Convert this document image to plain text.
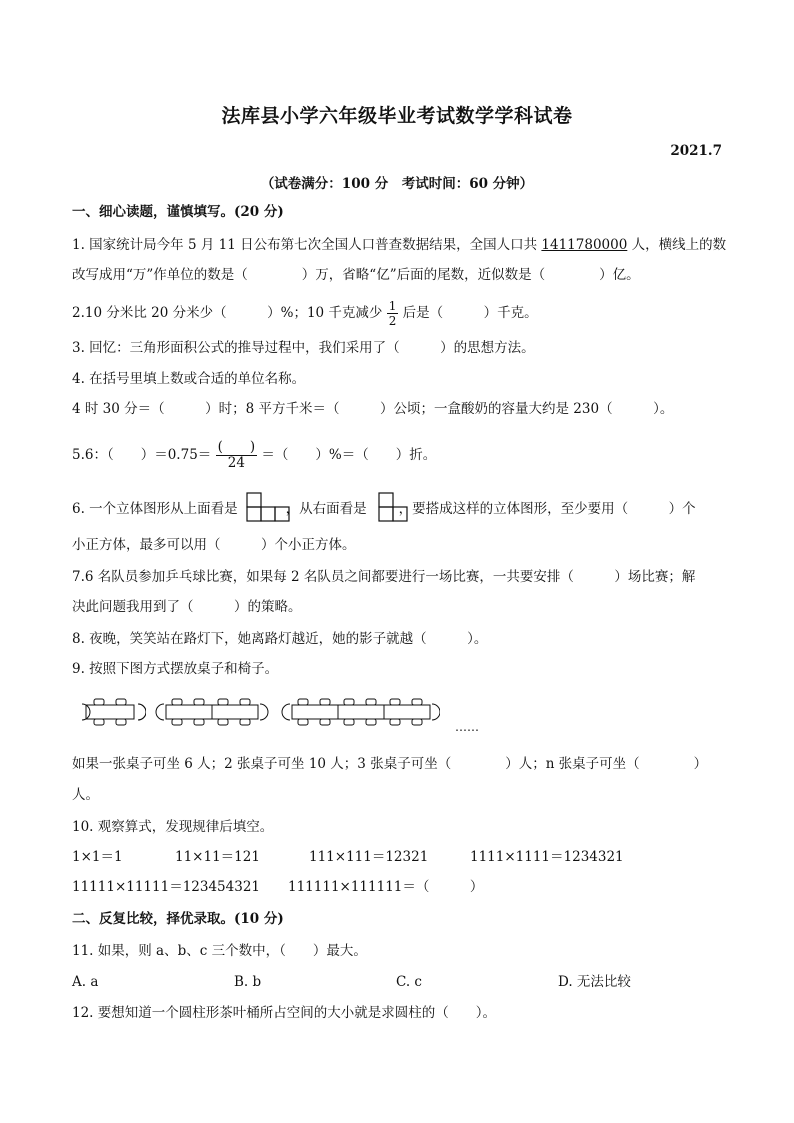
法库县小学六年级毕业考试数学学科试卷
2021.7
（试卷满分：100 分　考试时间：60 分钟）
一、细心读题，谨慎填写。(20 分)
1. 国家统计局今年 5 月 11 日公布第七次全国人口普查数据结果，全国人口共 1411780000 人，横线上的数
改写成用“万”作单位的数是（　　　　）万，省略“亿”后面的尾数，近似数是（　　　　）亿。
2.10 分米比 20 分米少（　　　）%；10 千克减少 $\frac{1}{2}$ 后是（　　　）千克。
3. 回忆：三角形面积公式的推导过程中，我们采用了（　　　）的思想方法。
4. 在括号里填上数或合适的单位名称。
4 时 30 分＝（　　　）时；8 平方千米＝（　　　）公顷；一盒酸奶的容量大约是 230（　　　）。
5.6：（　　）$=0.75= \frac{( )}{24}$ ＝（　　）%＝（　　）折。
6. 一个立体图形从上面看是	，从右面看是 ，要搭成这样的立体图形，至少要用（　　　）个
小正方体，最多可以用（　　　）个小正方体。
7.6 名队员参加乒乓球比赛，如果每 2 名队员之间都要进行一场比赛，一共要安排（　　　）场比赛；解
决此问题我用到了（　　　）的策略。
8. 夜晚，笑笑站在路灯下，她离路灯越近，她的影子就越（　　　）。
9. 按照下图方式摆放桌子和椅子。
……
如果一张桌子可坐 6 人；2 张桌子可坐 10 人；3 张桌子可坐（　　　　）人；n 张桌子可坐（　　　　）
人。
10. 观察算式，发现规律后填空。
1×1＝1	11×11＝121	111×111＝12321	1111×1111＝1234321
11111×11111＝123454321 111111×111111＝（　　　）
二、反复比较，择优录取。(10 分)
11. 如果，则 a、b、c 三个数中，（　　）最大。
A. a	B. b	C. c	D. 无法比较
12. 要想知道一个圆柱形茶叶桶所占空间的大小就是求圆柱的（　　）。
